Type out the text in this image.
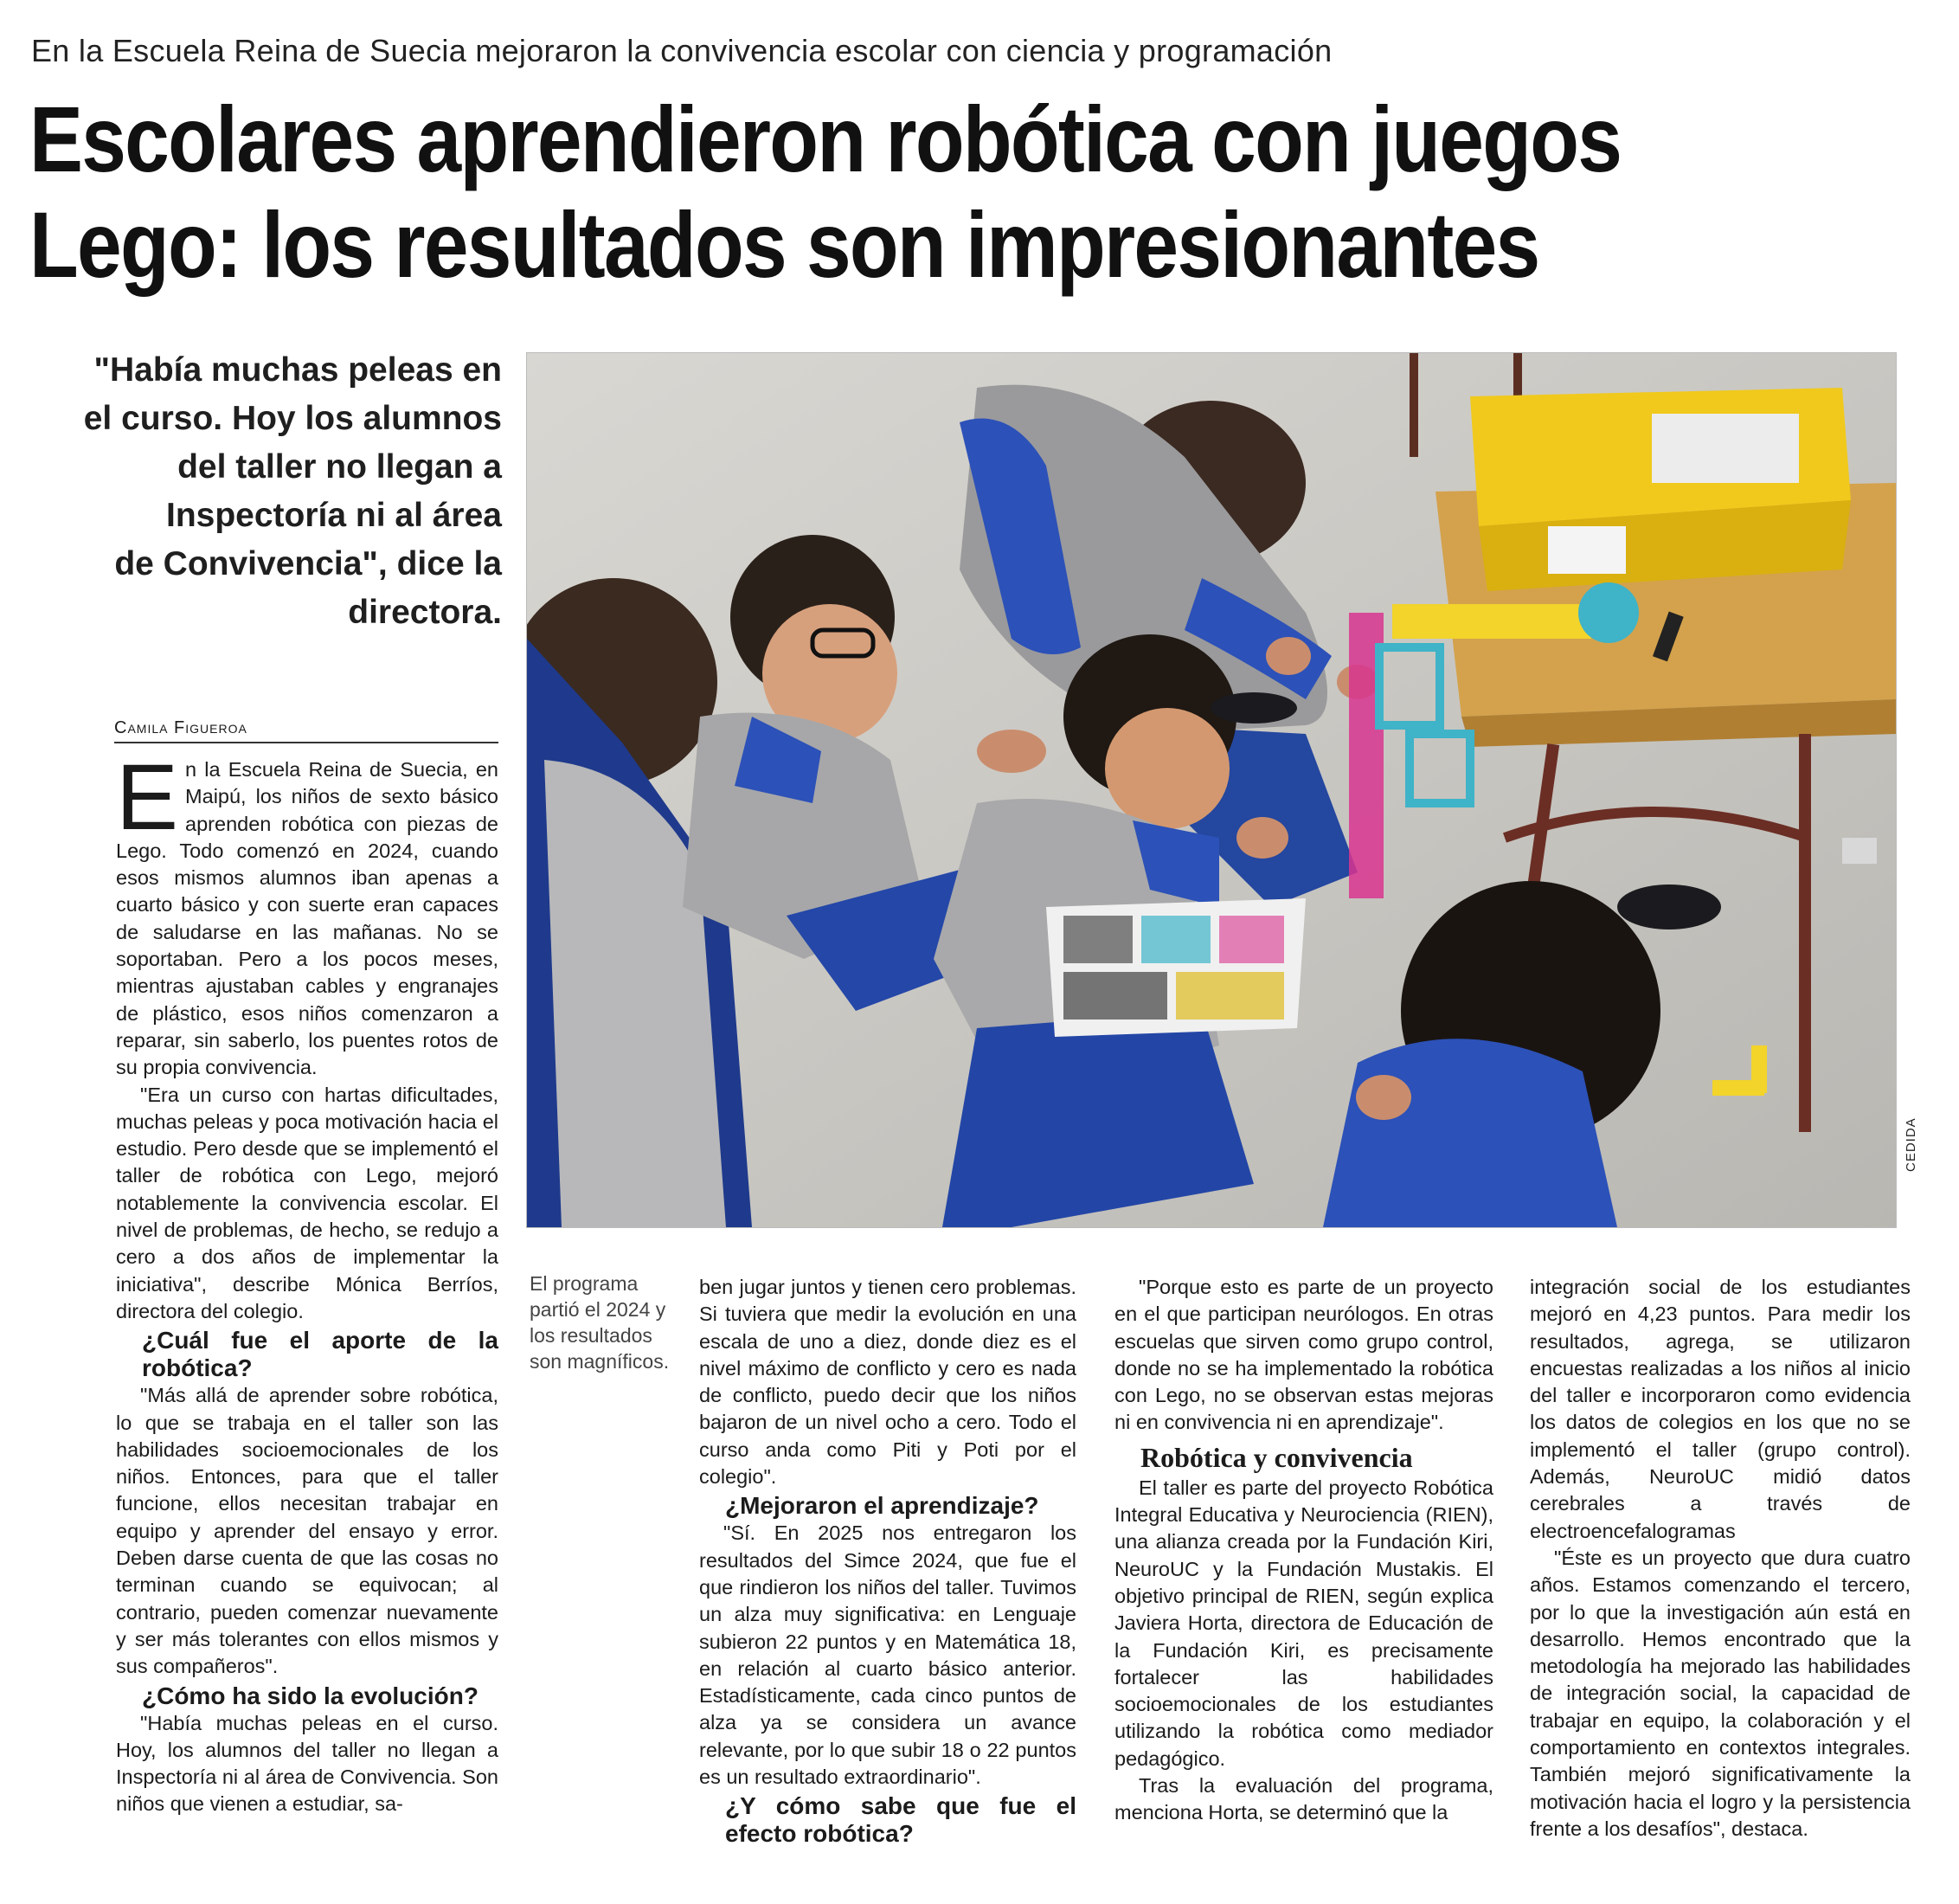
En la Escuela Reina de Suecia mejoraron la convivencia escolar con ciencia y programación
Escolares aprendieron robótica con juegos
Lego: los resultados son impresionantes
"Había muchas peleas en
el curso. Hoy los alumnos
del taller no llegan a
Inspectoría ni al área
de Convivencia", dice la
directora.
CEDIDA
El programa partió el 2024 y los resultados son magníficos.
Camila Figueroa

En la Escuela Reina de Suecia, en Maipú, los niños de sexto básico aprenden robótica con piezas de Lego. Todo comenzó en 2024, cuando esos mismos alumnos iban apenas a cuarto básico y con suerte eran capaces de saludarse en las mañanas. No se soportaban. Pero a los pocos meses, mientras ajustaban cables y engranajes de plástico, esos niños comenzaron a reparar, sin saberlo, los puentes rotos de su propia convivencia.

"Era un curso con hartas dificultades, muchas peleas y poca motivación hacia el estudio. Pero desde que se implementó el taller de robótica con Lego, mejoró notablemente la convivencia escolar. El nivel de problemas, de hecho, se redujo a cero a dos años de implementar la iniciativa", describe Mónica Berríos, directora del colegio.

¿Cuál fue el aporte de la robótica?

"Más allá de aprender sobre robótica, lo que se trabaja en el taller son las habilidades socioemocionales de los niños. Entonces, para que el taller funcione, ellos necesitan trabajar en equipo y aprender del ensayo y error. Deben darse cuenta de que las cosas no terminan cuando se equivocan; al contrario, pueden comenzar nuevamente y ser más tolerantes con ellos mismos y sus compañeros".

¿Cómo ha sido la evolución?

"Había muchas peleas en el curso. Hoy, los alumnos del taller no llegan a Inspectoría ni al área de Convivencia. Son niños que vienen a estudiar, sa-

ben jugar juntos y tienen cero problemas. Si tuviera que medir la evolución en una escala de uno a diez, donde diez es el nivel máximo de conflicto y cero es nada de conflicto, puedo decir que los niños bajaron de un nivel ocho a cero. Todo el curso anda como Piti y Poti por el colegio".

¿Mejoraron el aprendizaje?

"Sí. En 2025 nos entregaron los resultados del Simce 2024, que fue el que rindieron los niños del taller. Tuvimos un alza muy significativa: en Lenguaje subieron 22 puntos y en Matemática 18, en relación al cuarto básico anterior. Estadísticamente, cada cinco puntos de alza ya se considera un avance relevante, por lo que subir 18 o 22 puntos es un resultado extraordinario".

¿Y cómo sabe que fue el efecto robótica?

"Porque esto es parte de un proyecto en el que participan neurólogos. En otras escuelas que sirven como grupo control, donde no se ha implementado la robótica con Lego, no se observan estas mejoras ni en convivencia ni en aprendizaje".

Robótica y convivencia

El taller es parte del proyecto Robótica Integral Educativa y Neurociencia (RIEN), una alianza creada por la Fundación Kiri, NeuroUC y la Fundación Mustakis. El objetivo principal de RIEN, según explica Javiera Horta, directora de Educación de la Fundación Kiri, es precisamente fortalecer las habilidades socioemocionales de los estudiantes utilizando la robótica como mediador pedagógico.

Tras la evaluación del programa, menciona Horta, se determinó que la

integración social de los estudiantes mejoró en 4,23 puntos. Para medir los resultados, agrega, se utilizaron encuestas realizadas a los niños al inicio del taller e incorporaron como evidencia los datos de colegios en los que no se implementó el taller (grupo control). Además, NeuroUC midió datos cerebrales a través de electroencefalogramas

"Éste es un proyecto que dura cuatro años. Estamos comenzando el tercero, por lo que la investigación aún está en desarrollo. Hemos encontrado que la metodología ha mejorado las habilidades de integración social, la capacidad de trabajar en equipo, la colaboración y el comportamiento en contextos integrales. También mejoró significativamente la motivación hacia el logro y la persistencia frente a los desafíos", destaca.
